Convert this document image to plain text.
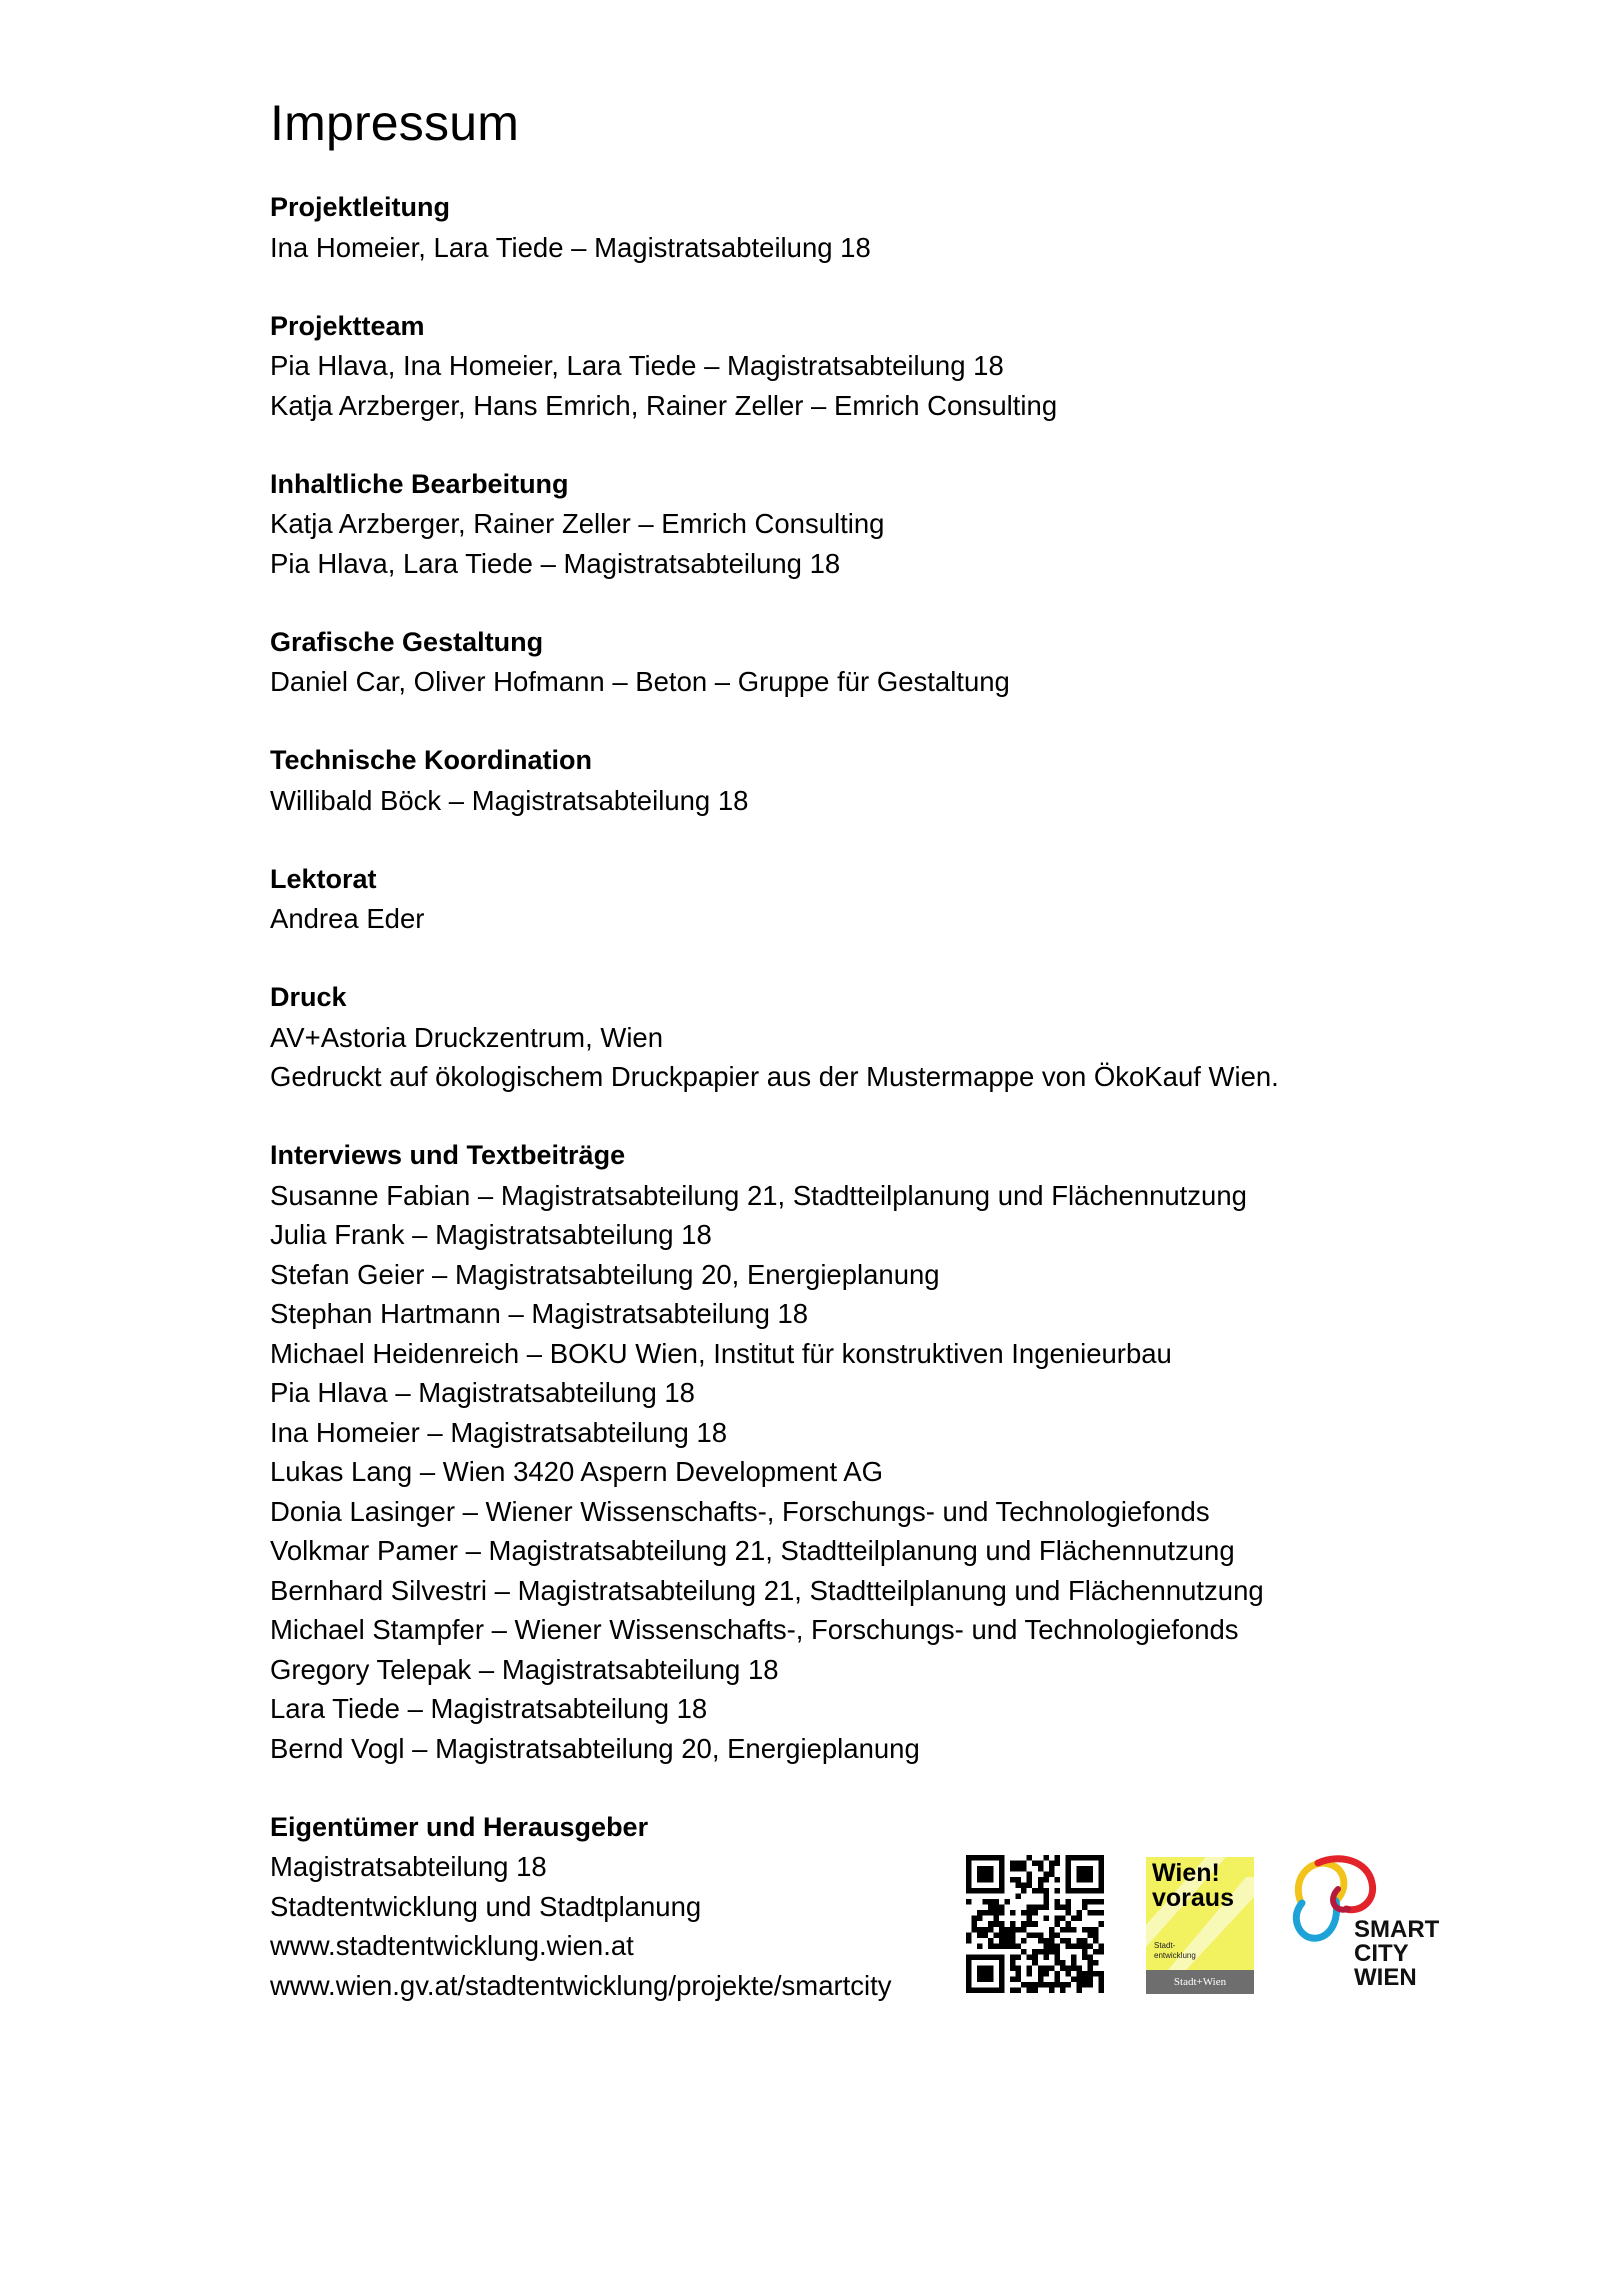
Impressum
Projektleitung
Ina Homeier, Lara Tiede – Magistratsabteilung 18
Projektteam
Pia Hlava, Ina Homeier, Lara Tiede – Magistratsabteilung 18
Katja Arzberger, Hans Emrich, Rainer Zeller – Emrich Consulting
Inhaltliche Bearbeitung
Katja Arzberger, Rainer Zeller – Emrich Consulting
Pia Hlava, Lara Tiede – Magistratsabteilung 18
Grafische Gestaltung
Daniel Car, Oliver Hofmann – Beton – Gruppe für Gestaltung
Technische Koordination
Willibald Böck – Magistratsabteilung 18
Lektorat
Andrea Eder
Druck
AV+Astoria Druckzentrum, Wien
Gedruckt auf ökologischem Druckpapier aus der Mustermappe von ÖkoKauf Wien.
Interviews und Textbeiträge
Susanne Fabian – Magistratsabteilung 21, Stadtteilplanung und Flächennutzung
Julia Frank – Magistratsabteilung 18
Stefan Geier – Magistratsabteilung 20, Energieplanung
Stephan Hartmann – Magistratsabteilung 18
Michael Heidenreich – BOKU Wien, Institut für konstruktiven Ingenieurbau
Pia Hlava – Magistratsabteilung 18
Ina Homeier – Magistratsabteilung 18
Lukas Lang – Wien 3420 Aspern Development AG
Donia Lasinger – Wiener Wissenschafts-, Forschungs- und Technologiefonds
Volkmar Pamer – Magistratsabteilung 21, Stadtteilplanung und Flächennutzung
Bernhard Silvestri – Magistratsabteilung 21, Stadtteilplanung und Flächennutzung
Michael Stampfer – Wiener Wissenschafts-, Forschungs- und Technologiefonds
Gregory Telepak – Magistratsabteilung 18
Lara Tiede – Magistratsabteilung 18
Bernd Vogl – Magistratsabteilung 20, Energieplanung
Eigentümer und Herausgeber
Magistratsabteilung 18
Stadtentwicklung und Stadtplanung
www.stadtentwicklung.wien.at
www.wien.gv.at/stadtentwicklung/projekte/smartcity
Wien!
voraus
Stadt-
entwicklung
Stadt+Wien
SMART
CITY
WIEN
